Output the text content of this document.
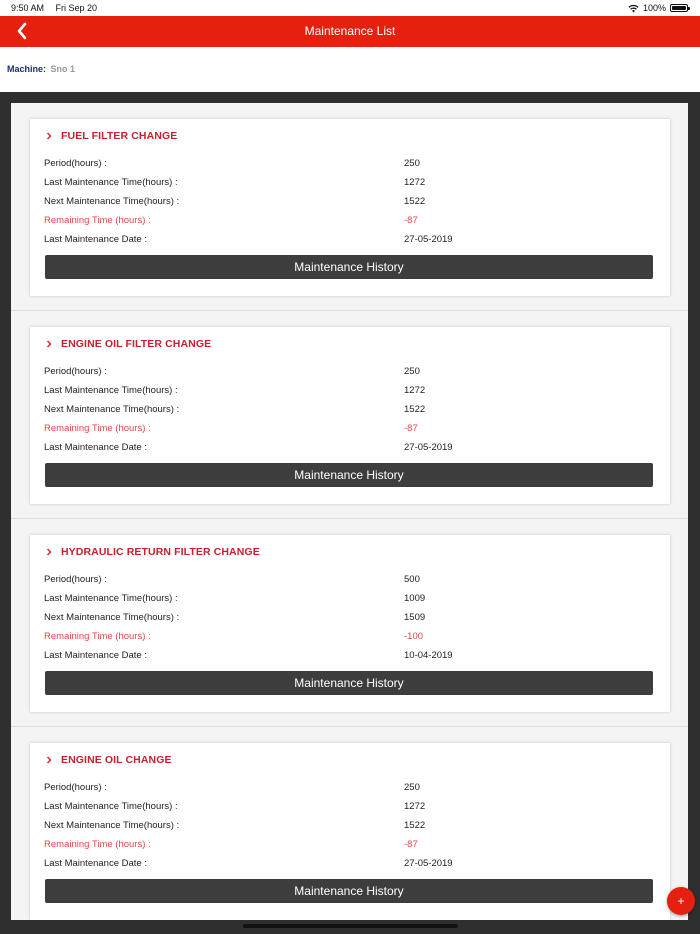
9:50 AM Fri Sep 20	100%
Maintenance List
Machine: Sno 1
FUEL FILTER CHANGE
Period(hours) :	250
Last Maintenance Time(hours) :	1272
Next Maintenance Time(hours) :	1522
Remaining Time (hours) :	-87
Last Maintenance Date :	27-05-2019
Maintenance History
ENGINE OIL FILTER CHANGE
Period(hours) :	250
Last Maintenance Time(hours) :	1272
Next Maintenance Time(hours) :	1522
Remaining Time (hours) :	-87
Last Maintenance Date :	27-05-2019
Maintenance History
HYDRAULIC RETURN FILTER CHANGE
Period(hours) :	500
Last Maintenance Time(hours) :	1009
Next Maintenance Time(hours) :	1509
Remaining Time (hours) :	-100
Last Maintenance Date :	10-04-2019
Maintenance History
ENGINE OIL CHANGE
Period(hours) :	250
Last Maintenance Time(hours) :	1272
Next Maintenance Time(hours) :	1522
Remaining Time (hours) :	-87
Last Maintenance Date :	27-05-2019
Maintenance History
+
